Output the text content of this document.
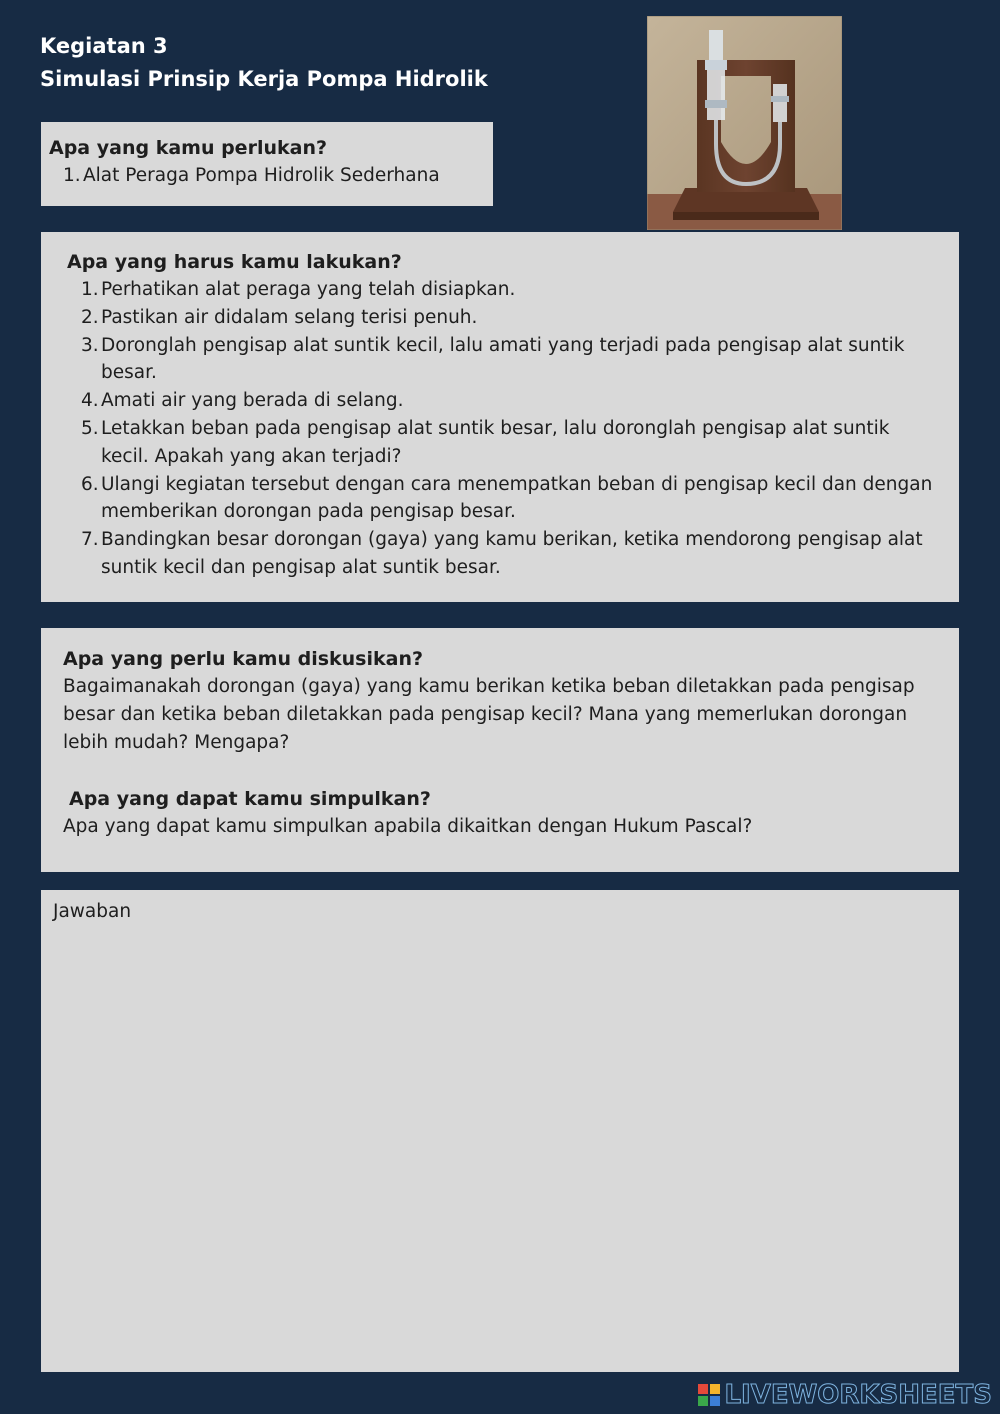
Kegiatan 3
Simulasi Prinsip Kerja Pompa Hidrolik
Apa yang kamu perlukan?
1. Alat Peraga Pompa Hidrolik Sederhana
Apa yang harus kamu lakukan?
1. Perhatikan alat peraga yang telah disiapkan.
2. Pastikan air didalam selang terisi penuh.
3. Doronglah pengisap alat suntik kecil, lalu amati yang terjadi pada pengisap alat suntik besar.
4. Amati air yang berada di selang.
5. Letakkan beban pada pengisap alat suntik besar, lalu doronglah pengisap alat suntik kecil. Apakah yang akan terjadi?
6. Ulangi kegiatan tersebut dengan cara menempatkan beban di pengisap kecil dan dengan memberikan dorongan pada pengisap besar.
7. Bandingkan besar dorongan (gaya) yang kamu berikan, ketika mendorong pengisap alat suntik kecil dan pengisap alat suntik besar.
Apa yang perlu kamu diskusikan?
Bagaimanakah dorongan (gaya) yang kamu berikan ketika beban diletakkan pada pengisap besar dan ketika beban diletakkan pada pengisap kecil? Mana yang memerlukan dorongan lebih mudah? Mengapa?
Apa yang dapat kamu simpulkan?
Apa yang dapat kamu simpulkan apabila dikaitkan dengan Hukum Pascal?
Jawaban
LIVEWORKSHEETS
